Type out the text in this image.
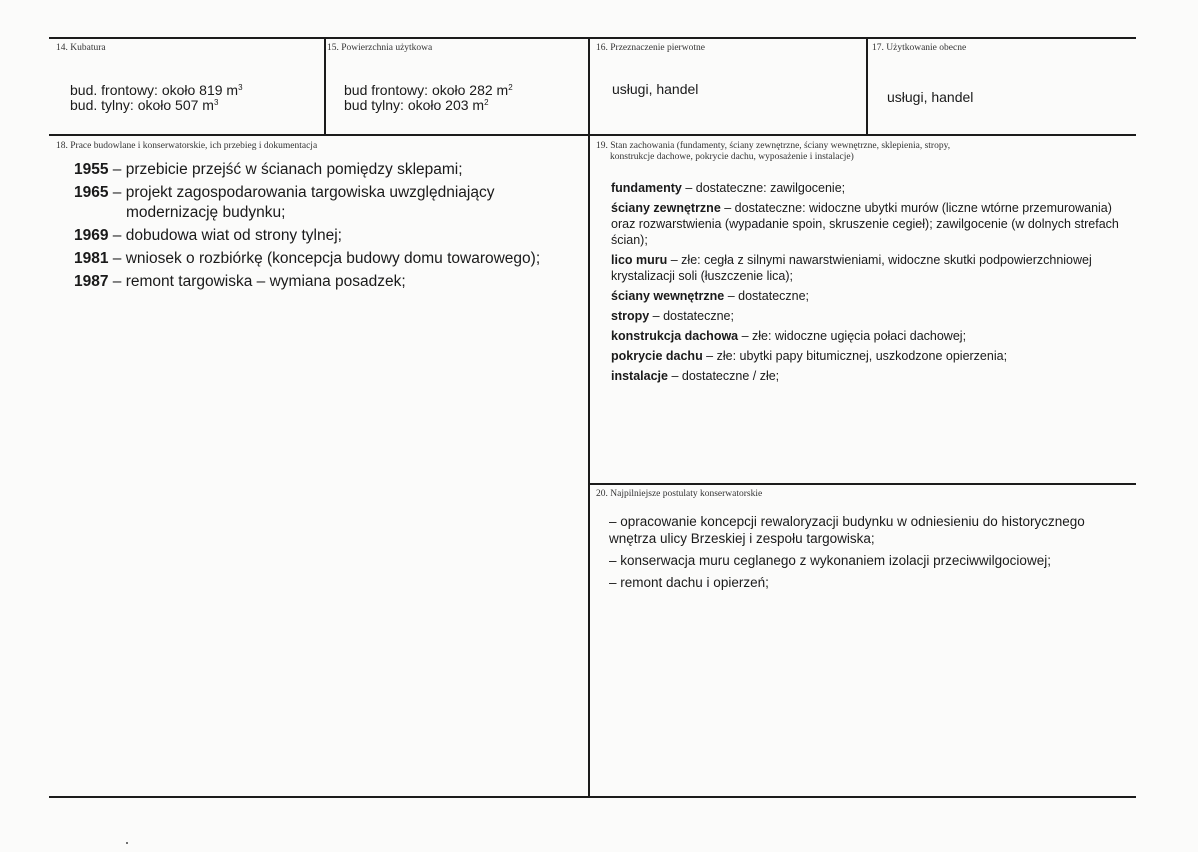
14. Kubatura
bud. frontowy: około 819 $m^3$
bud. tylny: około 507 $m^3$
15. Powierzchnia użytkowa
bud frontowy: około 282 $m^2$
bud tylny: około 203 $m^2$
16. Przeznaczenie pierwotne
usługi, handel
17. Użytkowanie obecne
usługi, handel
18. Prace budowlane i konserwatorskie, ich przebieg i dokumentacja
1955 – przebicie przejść w ścianach pomiędzy sklepami;
1965 – projekt zagospodarowania targowiska uwzględniający modernizację budynku;
1969 – dobudowa wiat od strony tylnej;
1981 – wniosek o rozbiórkę (koncepcja budowy domu towarowego);
1987 – remont targowiska – wymiana posadzek;
19. Stan zachowania (fundamenty, ściany zewnętrzne, ściany wewnętrzne, sklepienia, stropy,
konstrukcje dachowe, pokrycie dachu, wyposażenie i instalacje)
fundamenty – dostateczne: zawilgocenie;
ściany zewnętrzne – dostateczne: widoczne ubytki murów (liczne wtórne przemurowania) oraz rozwarstwienia (wypadanie spoin, skruszenie cegieł); zawilgocenie (w dolnych strefach ścian);
lico muru – złe: cegła z silnymi nawarstwieniami, widoczne skutki podpowierzchniowej krystalizacji soli (łuszczenie lica);
ściany wewnętrzne – dostateczne;
stropy – dostateczne;
konstrukcja dachowa – złe: widoczne ugięcia połaci dachowej;
pokrycie dachu – złe: ubytki papy bitumicznej, uszkodzone opierzenia;
instalacje – dostateczne / złe;
20. Najpilniejsze postulaty konserwatorskie
– opracowanie koncepcji rewaloryzacji budynku w odniesieniu do historycznego wnętrza ulicy Brzeskiej i zespołu targowiska;
– konserwacja muru ceglanego z wykonaniem izolacji przeciwwilgociowej;
– remont dachu i opierzeń;
